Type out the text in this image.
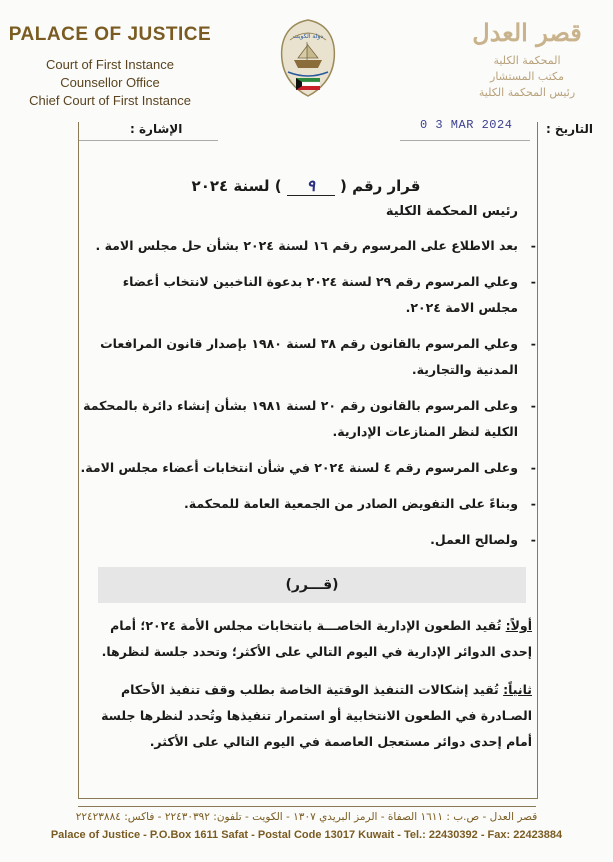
PALACE OF JUSTICE
Court of First Instance
Counsellor Office
Chief Court of First Instance
دولة الكويت	قصر العدل
المحكمة الكلية
مكتب المستشار
رئيس المحكمة الكلية
الإشارة :	0 3 MAR 2024	التاريخ :
قرار رقم (    ٩    ) لسنة ٢٠٢٤
رئيس المحكمة الكلية
- بعد الاطلاع على المرسوم رقم ١٦ لسنة ٢٠٢٤ بشأن حل مجلس الامة .
- وعلي المرسوم رقم ٢٩ لسنة ٢٠٢٤ بدعوة الناخبين لانتخاب أعضاء مجلس الامة ٢٠٢٤.
- وعلي المرسوم بالقانون رقم ٣٨ لسنة ١٩٨٠ بإصدار قانون المرافعات المدنية والتجارية.
- وعلى المرسوم بالقانون رقم ٢٠ لسنة ١٩٨١ بشأن إنشاء دائرة بالمحكمة الكلية لنظر المنازعات الإدارية.
- وعلى المرسوم رقم ٤ لسنة ٢٠٢٤ في شأن انتخابات أعضاء مجلس الامة.
- وبناءً على التفويض الصادر من الجمعية العامة للمحكمة.
- ولصالح العمل.
(قـــرر)
أولاً: تُقيد الطعون الإدارية الخاصـــة بانتخابات مجلس الأمة ٢٠٢٤؛ أمام إحدى الدوائر الإدارية في اليوم التالي على الأكثر؛ وتحدد جلسة لنظرها.
ثانياً: تُقيد إشكالات التنفيذ الوقتية الخاصة بطلب وقف تنفيذ الأحكام الصـادرة في الطعون الانتخابية أو استمرار تنفيذها وتُحدد لنظرها جلسة أمام إحدى دوائر مستعجل العاصمة في اليوم التالي على الأكثر.
قصر العدل - ص.ب : ١٦١١ الصفاة - الرمز البريدي ١٣٠٧ - الكويت - تلفون: ٢٢٤٣٠٣٩٢ - فاكس: ٢٢٤٢٣٨٨٤
Palace of Justice - P.O.Box 1611 Safat - Postal Code 13017 Kuwait - Tel.: 22430392 - Fax: 22423884
